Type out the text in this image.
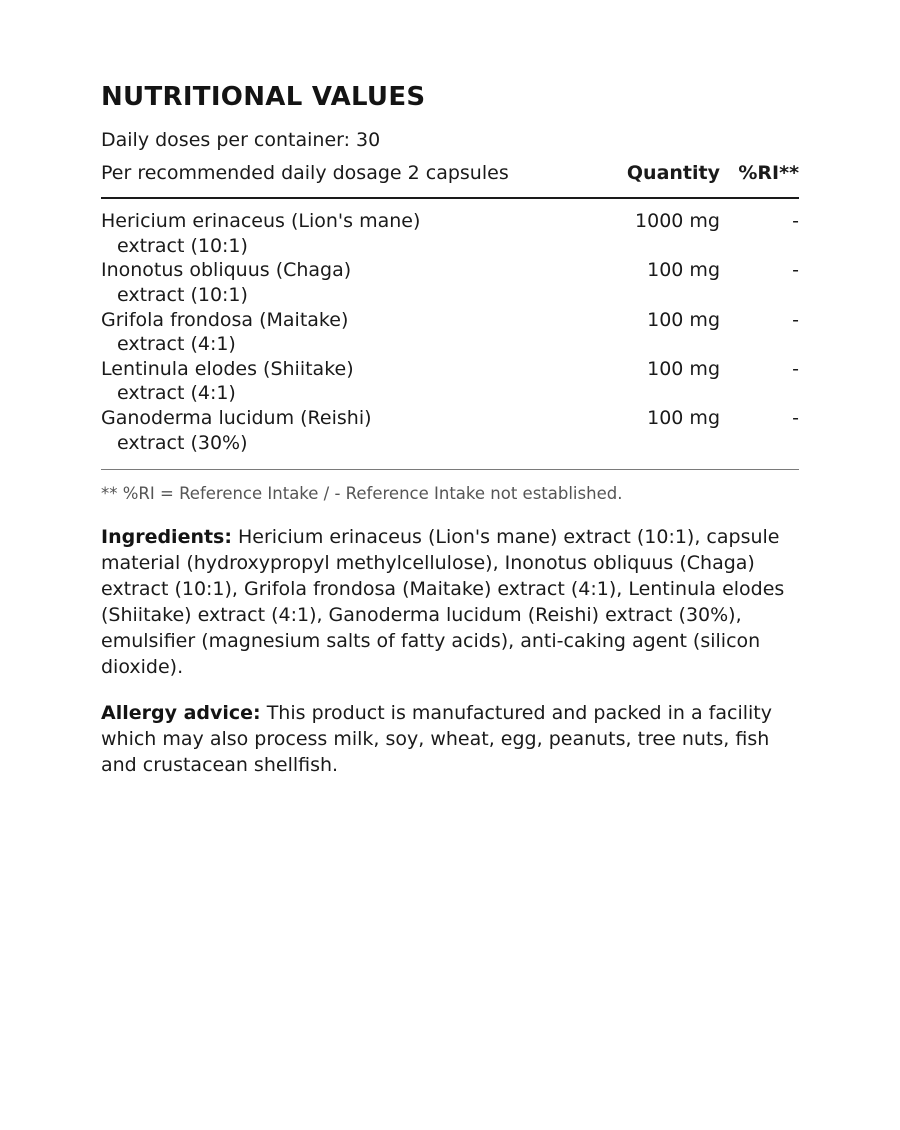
NUTRITIONAL VALUES
Daily doses per container: 30
Per recommended daily dosage 2 capsules	Quantity %RI**
Hericium erinaceus (Lion's mane)
extract (10:1)
1000 mg	-
Inonotus obliquus (Chaga)
extract (10:1)
100 mg	-
Grifola frondosa (Maitake)
extract (4:1)
100 mg	-
Lentinula elodes (Shiitake)
extract (4:1)
100 mg	-
Ganoderma lucidum (Reishi)
extract (30%)
100 mg	-
** %RI = Reference Intake / - Reference Intake not established.
Ingredients: Hericium erinaceus (Lion's mane) extract (10:1), capsule material (hydroxypropyl methylcellulose), Inonotus obliquus (Chaga) extract (10:1), Grifola frondosa (Maitake) extract (4:1), Lentinula elodes (Shiitake) extract (4:1), Ganoderma lucidum (Reishi) extract (30%), emulsifier (magnesium salts of fatty acids), anti-caking agent (silicon dioxide).
Allergy advice: This product is manufactured and packed in a facility which may also process milk, soy, wheat, egg, peanuts, tree nuts, fish and crustacean shellfish.
